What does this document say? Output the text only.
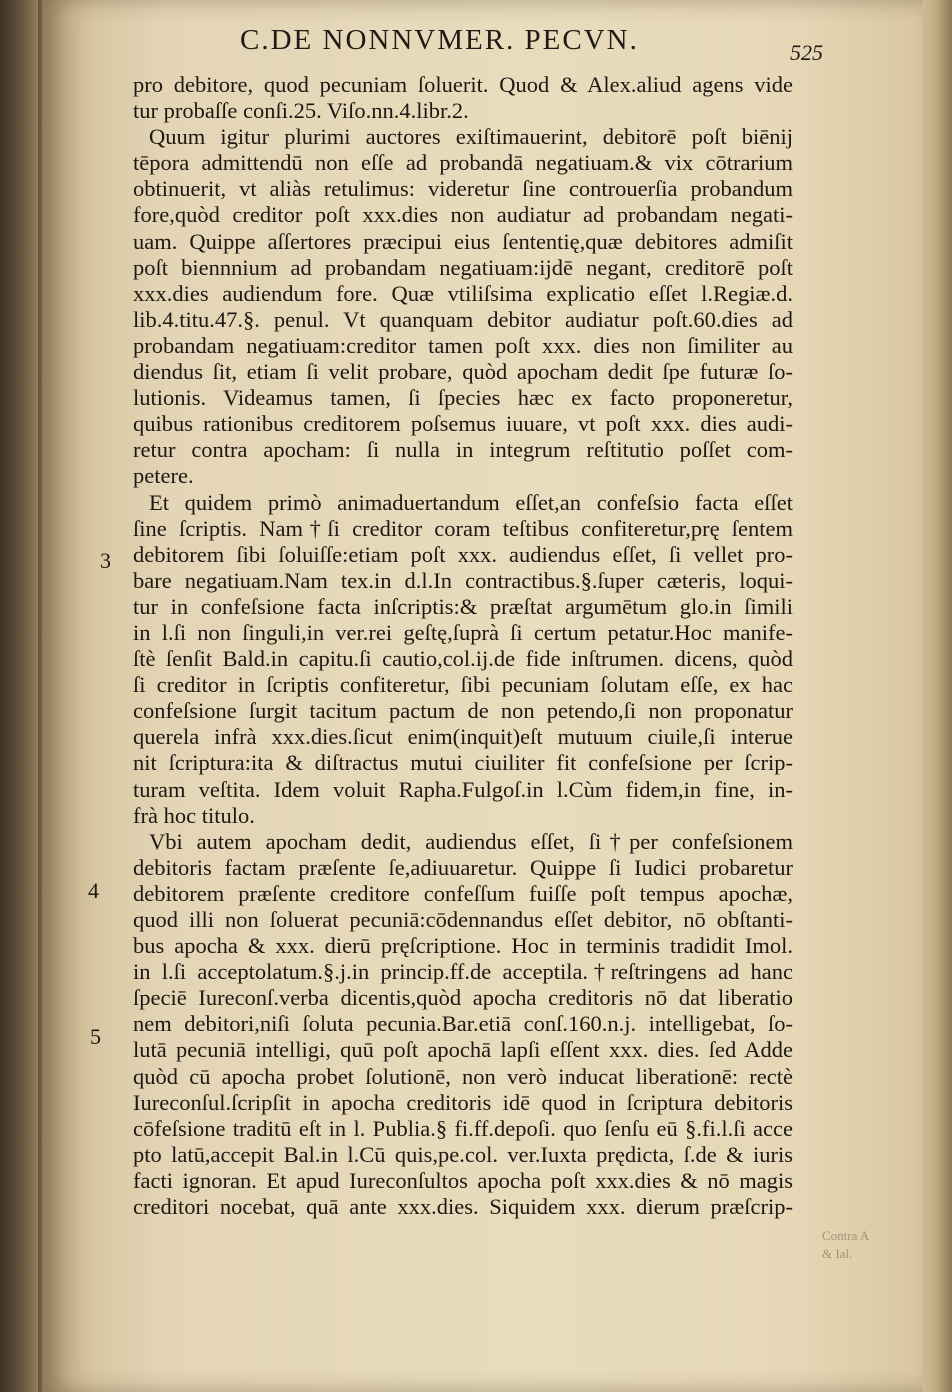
C.DE NONNVMER. PECVN.	525
pro debitore, quod pecuniam ſoluerit. Quod & Alex.aliud agens vide
tur probaſſe conſi.25. Viſo.nn.4.libr.2.
Quum igitur plurimi auctores exiſtimauerint, debitorē poſt biēnij
tēpora admittendū non eſſe ad probandā negatiuam.& vix cōtrarium
obtinuerit, vt aliàs retulimus: videretur ſine controuerſia probandum
fore,quòd creditor poſt xxx.dies non audiatur ad probandam negati-
uam. Quippe aſſertores præcipui eius ſententię,quæ debitores admiſit
poſt biennnium ad probandam negatiuam:ijdē negant, creditorē poſt
xxx.dies audiendum fore. Quæ vtiliſsima explicatio eſſet l.Regiæ.d.
lib.4.titu.47.§. penul. Vt quanquam debitor audiatur poſt.60.dies ad
probandam negatiuam:creditor tamen poſt xxx. dies non ſimiliter au
diendus ſit, etiam ſi velit probare, quòd apocham dedit ſpe futuræ ſo-
lutionis. Videamus tamen, ſi ſpecies hæc ex facto proponeretur,
quibus rationibus creditorem poſsemus iuuare, vt poſt xxx. dies audi-
retur contra apocham: ſi nulla in integrum reſtitutio poſſet com-
petere.
Et quidem primò animaduertandum eſſet,an confeſsio facta eſſet
ſine ſcriptis. Nam†ſi creditor coram teſtibus confiteretur,prę ſentem
debitorem ſibi ſoluiſſe:etiam poſt xxx. audiendus eſſet, ſi vellet pro-
bare negatiuam.Nam tex.in d.l.In contractibus.§.ſuper cæteris, loqui-
tur in confeſsione facta inſcriptis:& præſtat argumētum glo.in ſimili
in l.ſi non ſinguli,in ver.rei geſtę,ſuprà ſi certum petatur.Hoc manife-
ſtè ſenſit Bald.in capitu.ſi cautio,col.ij.de fide inſtrumen. dicens, quòd
ſi creditor in ſcriptis confiteretur, ſibi pecuniam ſolutam eſſe, ex hac
confeſsione ſurgit tacitum pactum de non petendo,ſi non proponatur
querela infrà xxx.dies.ſicut enim(inquit)eſt mutuum ciuile,ſi interue
nit ſcriptura:ita & diſtractus mutui ciuiliter fit confeſsione per ſcrip-
turam veſtita. Idem voluit Rapha.Fulgoſ.in l.Cùm fidem,in fine, in-
frà hoc titulo.
Vbi autem apocham dedit, audiendus eſſet, ſi†per confeſsionem
debitoris factam præſente ſe,adiuuaretur. Quippe ſi Iudici probaretur
debitorem præſente creditore confeſſum fuiſſe poſt tempus apochæ,
quod illi non ſoluerat pecuniā:cōdennandus eſſet debitor, nō obſtanti-
bus apocha & xxx. dierū pręſcriptione. Hoc in terminis tradidit Imol.
in l.ſi acceptolatum.§.j.in princip.ff.de acceptila.†reſtringens ad hanc
ſpeciē Iureconſ.verba dicentis,quòd apocha creditoris nō dat liberatio
nem debitori,niſi ſoluta pecunia.Bar.etiā conſ.160.n.j. intelligebat, ſo-
lutā pecuniā intelligi, quū poſt apochā lapſi eſſent xxx. dies. ſed Adde
quòd cū apocha probet ſolutionē, non verò inducat liberationē: rectè
Iureconſul.ſcripſit in apocha creditoris idē quod in ſcriptura debitoris
cōfeſsione traditū eſt in l. Publia.§ fi.ff.depoſi. quo ſenſu eū §.fi.l.ſi acce
pto latū,accepit Bal.in l.Cū quis,pe.col. ver.Iuxta prędicta, ſ.de & iuris
facti ignoran. Et apud Iureconſultos apocha poſt xxx.dies & nō magis
creditori nocebat, quā ante xxx.dies. Siquidem xxx. dierum præſcrip-
3
4
5
Contra A
& Ial.
